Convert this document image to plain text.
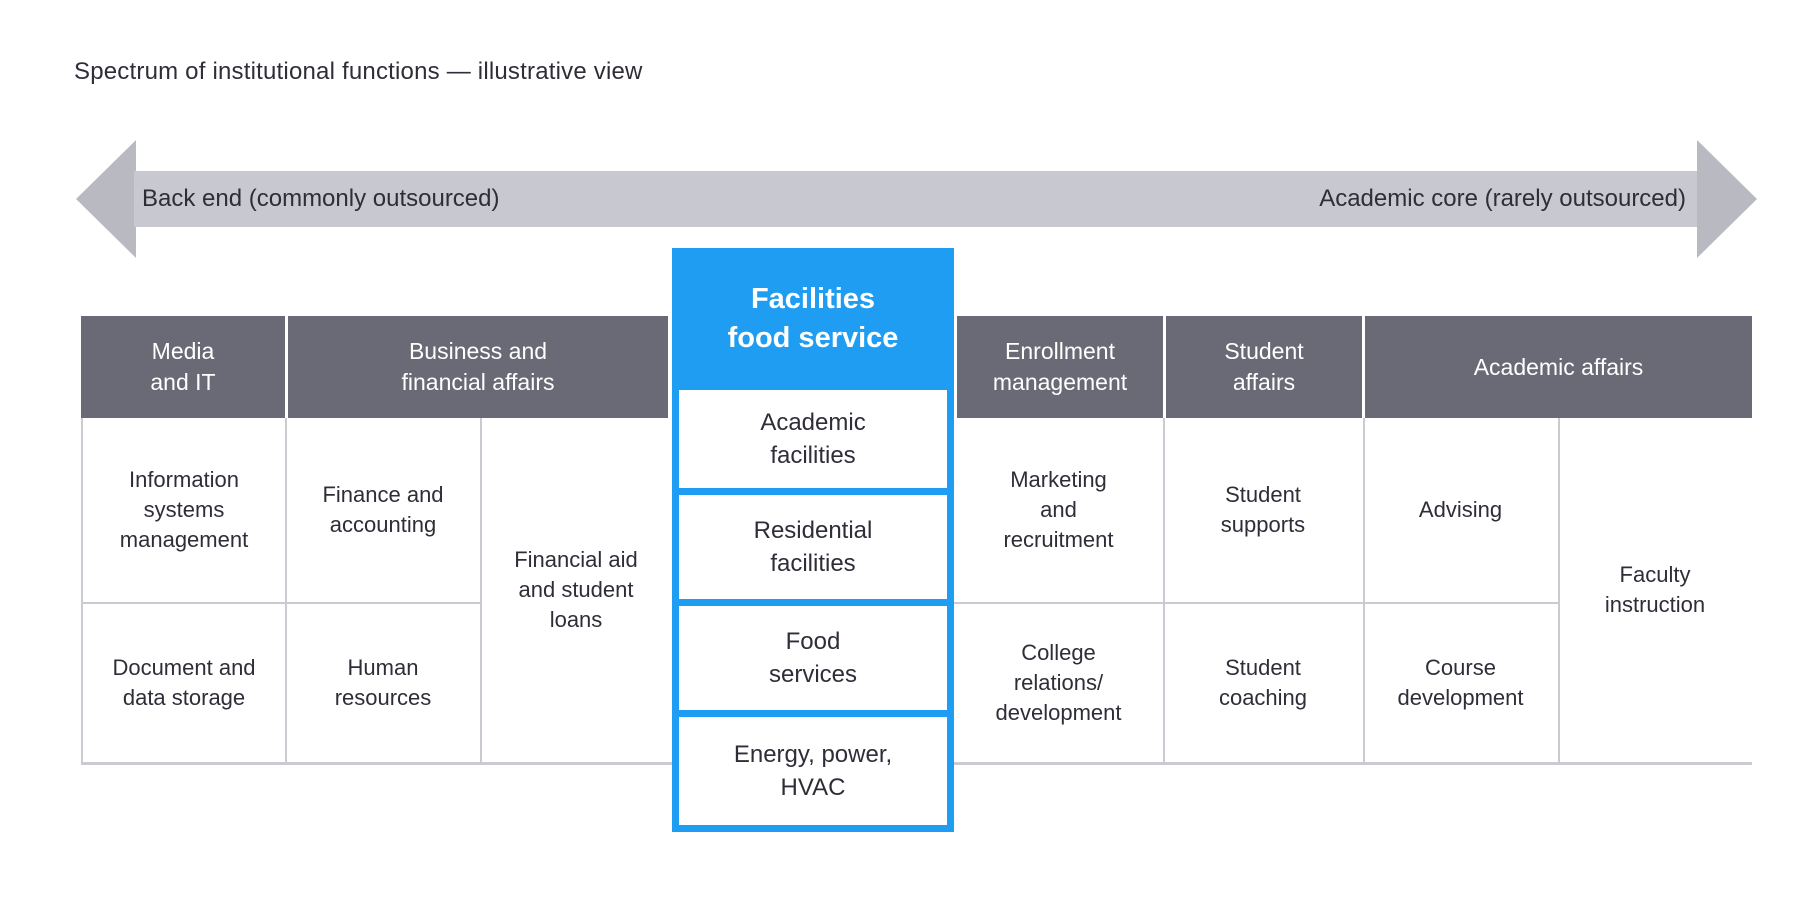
Spectrum of institutional functions — illustrative view
Back end (commonly outsourced)	Academic core (rarely outsourced)
Media
and IT
Business and
financial affairs
Enrollment
management
Student
affairs
Academic affairs
Information
systems
management
Finance and
accounting
Financial aid
and student
loans
Marketing
and
recruitment
Student
supports
Advising
Faculty
instruction
Document and
data storage
Human
resources
College
relations/
development
Student
coaching
Course
development
Facilities
food service
Academic
facilities
Residential
facilities
Food
services
Energy, power,
HVAC
